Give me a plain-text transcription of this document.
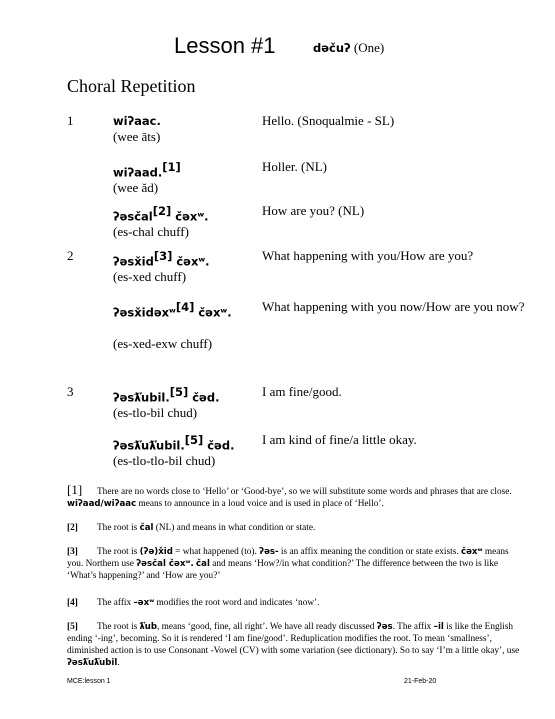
Lesson #1	dəčuʔ (One)
Choral Repetition
1	wiʔaac.
(wee āts)
Hello. (Snoqualmie - SL)
wiʔaad.[1]
(wee ăd)
Holler. (NL)
ʔəsčal[2] čəxʷ.
(es-chal chuff)
How are you? (NL)
2	ʔəsx̌id[3] čəxʷ.
(es-xed chuff)
What happening with you/How are you?
ʔəsx̌idəxʷ[4] čəxʷ.
(es-xed-exw chuff)
What happening with you now/How are you now?
3	ʔəsƛ̕ubil.[5] čəd.
(es-tlo-bil chud)
I am fine/good.
ʔəsƛ̕uƛ̕ubil.[5] čəd.
(es-tlo-tlo-bil chud)
I am kind of fine/a little okay.
[1] There are no words close to ‘Hello’ or ‘Good-bye’, so we will substitute some words and phrases that are close. wiʔaad/wiʔaac means to announce in a loud voice and is used in place of ‘Hello’.
[2] The root is čal (NL) and means in what condition or state.
[3] The root is (ʔə)x̌id = what happened (to). ʔəs- is an affix meaning the condition or state exists. čəxʷ means you. Northern use ʔəsčal čəxʷ. čal and means ‘How?/in what condition?’ The difference between the two is like ‘What’s happening?’ and ‘How are you?’
[4] The affix –əxʷ modifies the root word and indicates ‘now’.
[5] The root is ƛ̕ub, means ‘good, fine, all right’. We have all ready discussed ʔəs. The affix –il is like the English ending ‘-ing’, becoming. So it is rendered ‘I am fine/good’. Reduplication modifies the root. To mean ‘smallness’, diminished action is to use Consonant -Vowel (CV) with some variation (see dictionary). So to say ‘I’m a little okay’, use ʔəsƛ̕uƛ̕ubil.
MCE:lesson 1	21-Feb-20
